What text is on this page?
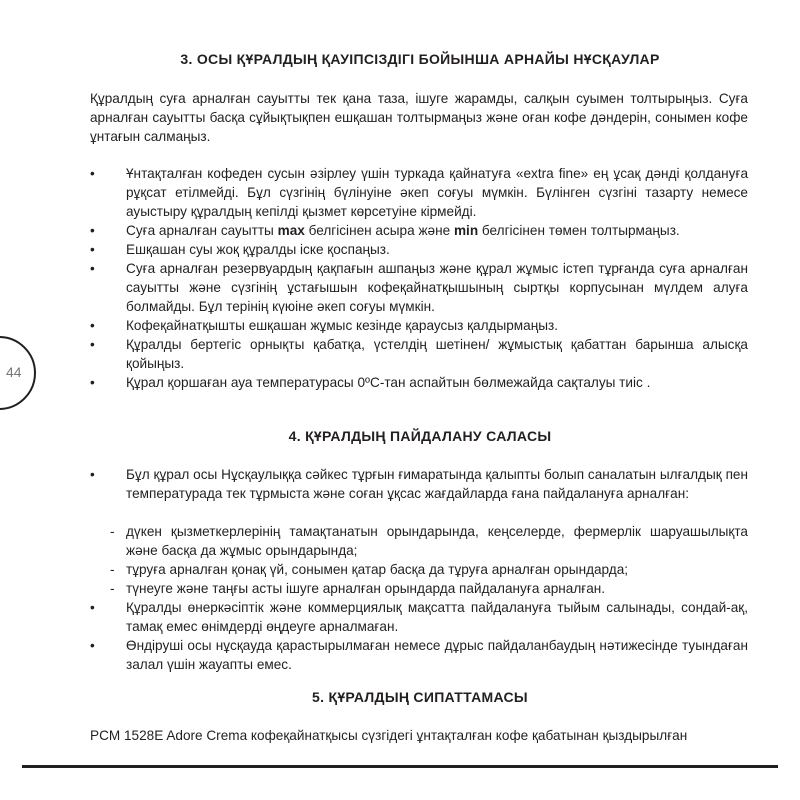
44
3. ОСЫ ҚҰРАЛДЫҢ ҚАУІПСІЗДІГІ БОЙЫНША АРНАЙЫ НҰСҚАУЛАР

Құралдың суға арналған сауытты тек қана таза, ішуге жарамды, салқын суымен толтырыңыз. Суға арналған сауытты басқа сұйықтықпен ешқашан толтырмаңыз және оған кофе дәндерін, сонымен кофе ұнтағын салмаңыз.

• Ұнтақталған кофеден сусын әзірлеу үшін туркада қайнатуға «extra fine» ең ұсақ дәнді қолдануға рұқсат етілмейді. Бұл сүзгінің бүлінуіне әкеп соғуы мүмкін. Бүлінген сүзгіні тазарту немесе ауыстыру құралдың кепілді қызмет көрсетуіне кірмейді.
• Суға арналған сауытты max белгісінен асыра және min белгісінен төмен толтырмаңыз.
• Ешқашан суы жоқ құралды іске қоспаңыз.
• Суға арналған резервуардың қақпағын ашпаңыз және құрал жұмыс істеп тұрғанда суға арналған сауытты және сүзгінің ұстағышын кофеқайнатқышының сыртқы корпусынан мүлдем алуға болмайды. Бұл терінің күюіне әкеп соғуы мүмкін.
• Кофеқайнатқышты ешқашан жұмыс кезінде қараусыз қалдырмаңыз.
• Құралды бертегіс орнықты қабатқа, үстелдің шетінен/ жұмыстық қабаттан барынша алысқа қойыңыз.
• Құрал қоршаған ауа температурасы 0ºС-тан аспайтын бөлмежайда сақталуы тиіс .
4. ҚҰРАЛДЫҢ ПАЙДАЛАНУ САЛАСЫ
• Бұл құрал осы Нұсқаулыққа сәйкес тұрғын ғимаратында қалыпты болып саналатын ылғалдық пен температурада тек тұрмыста және соған ұқсас жағдайларда ғана пайдалануға арналған:
- дүкен қызметкерлерінің тамақтанатын орындарында, кеңселерде, фермерлік шаруашылықта және басқа да жұмыс орындарында;
- тұруға арналған қонақ үй, сонымен қатар басқа да тұруға арналған орындарда;
- түнеуге және таңғы асты ішуге арналған орындарда пайдалануға арналған.
• Құралды өнеркәсіптік және коммерциялық мақсатта пайдалануға тыйым салынады, сондай-ақ, тамақ емес өнімдерді өңдеуге арналмаған.
• Өндіруші осы нұсқауда қарастырылмаған немесе дұрыс пайдаланбаудың нәтижесінде туындаған залал үшін жауапты емес.
5. ҚҰРАЛДЫҢ СИПАТТАМАСЫ

PCM 1528E Adore Crema кофеқайнатқысы сүзгідегі ұнтақталған кофе қабатынан қыздырылған
